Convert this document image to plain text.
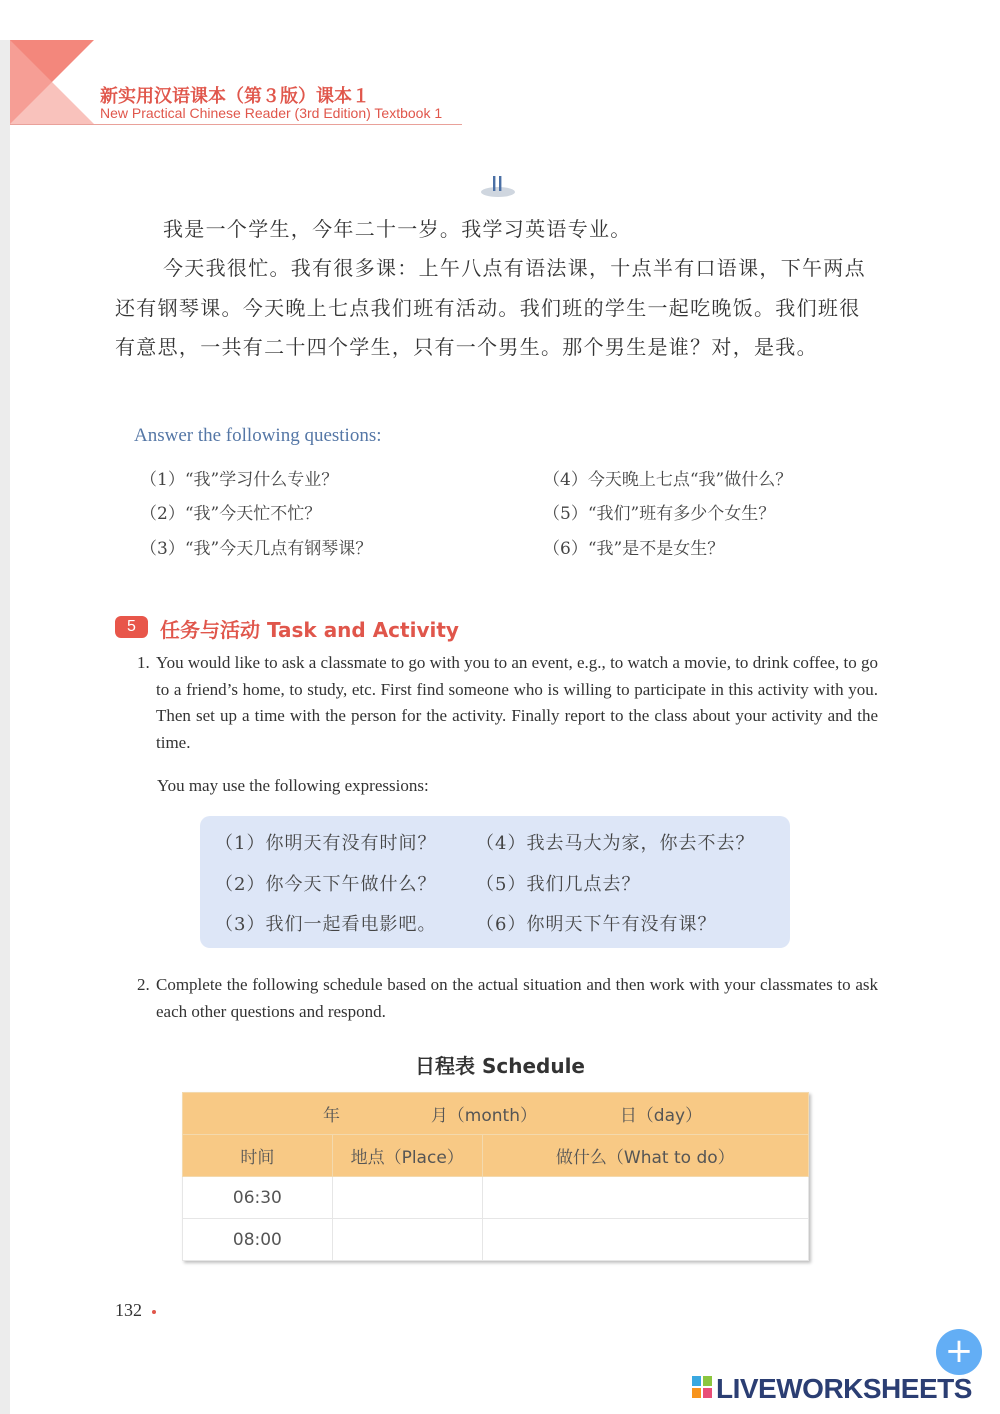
新实用汉语课本（第３版）课本１
New Practical Chinese Reader (3rd Edition) Textbook 1
我是一个学生，今年二十一岁。我学习英语专业。
今天我很忙。我有很多课：上午八点有语法课，十点半有口语课，下午两点还有钢琴课。今天晚上七点我们班有活动。我们班的学生一起吃晚饭。我们班很有意思，一共有二十四个学生，只有一个男生。那个男生是谁？对，是我。
Answer the following questions:
（1）“我”学习什么专业？
（2）“我”今天忙不忙？
（3）“我”今天几点有钢琴课？
（4）今天晚上七点“我”做什么？
（5）“我们”班有多少个女生？
（6）“我”是不是女生？
5	任务与活动 Task and Activity
1. You would like to ask a classmate to go with you to an event, e.g., to watch a movie, to drink coffee, to go to a friend’s home, to study, etc. First find someone who is willing to participate in this activity with you. Then set up a time with the person for the activity. Finally report to the class about your activity and the time.
You may use the following expressions:
（1）你明天有没有时间？
（2）你今天下午做什么？
（3）我们一起看电影吧。
（4）我去马大为家，你去不去？
（5）我们几点去？
（6）你明天下午有没有课？
2. Complete the following schedule based on the actual situation and then work with your classmates to ask each other questions and respond.
日程表 Schedule
年 月（month） 日（day）		
时间	地点（Place）	做什么（What to do）
06:30		
08:00		
132
+
LIVEWORKSHEETS
